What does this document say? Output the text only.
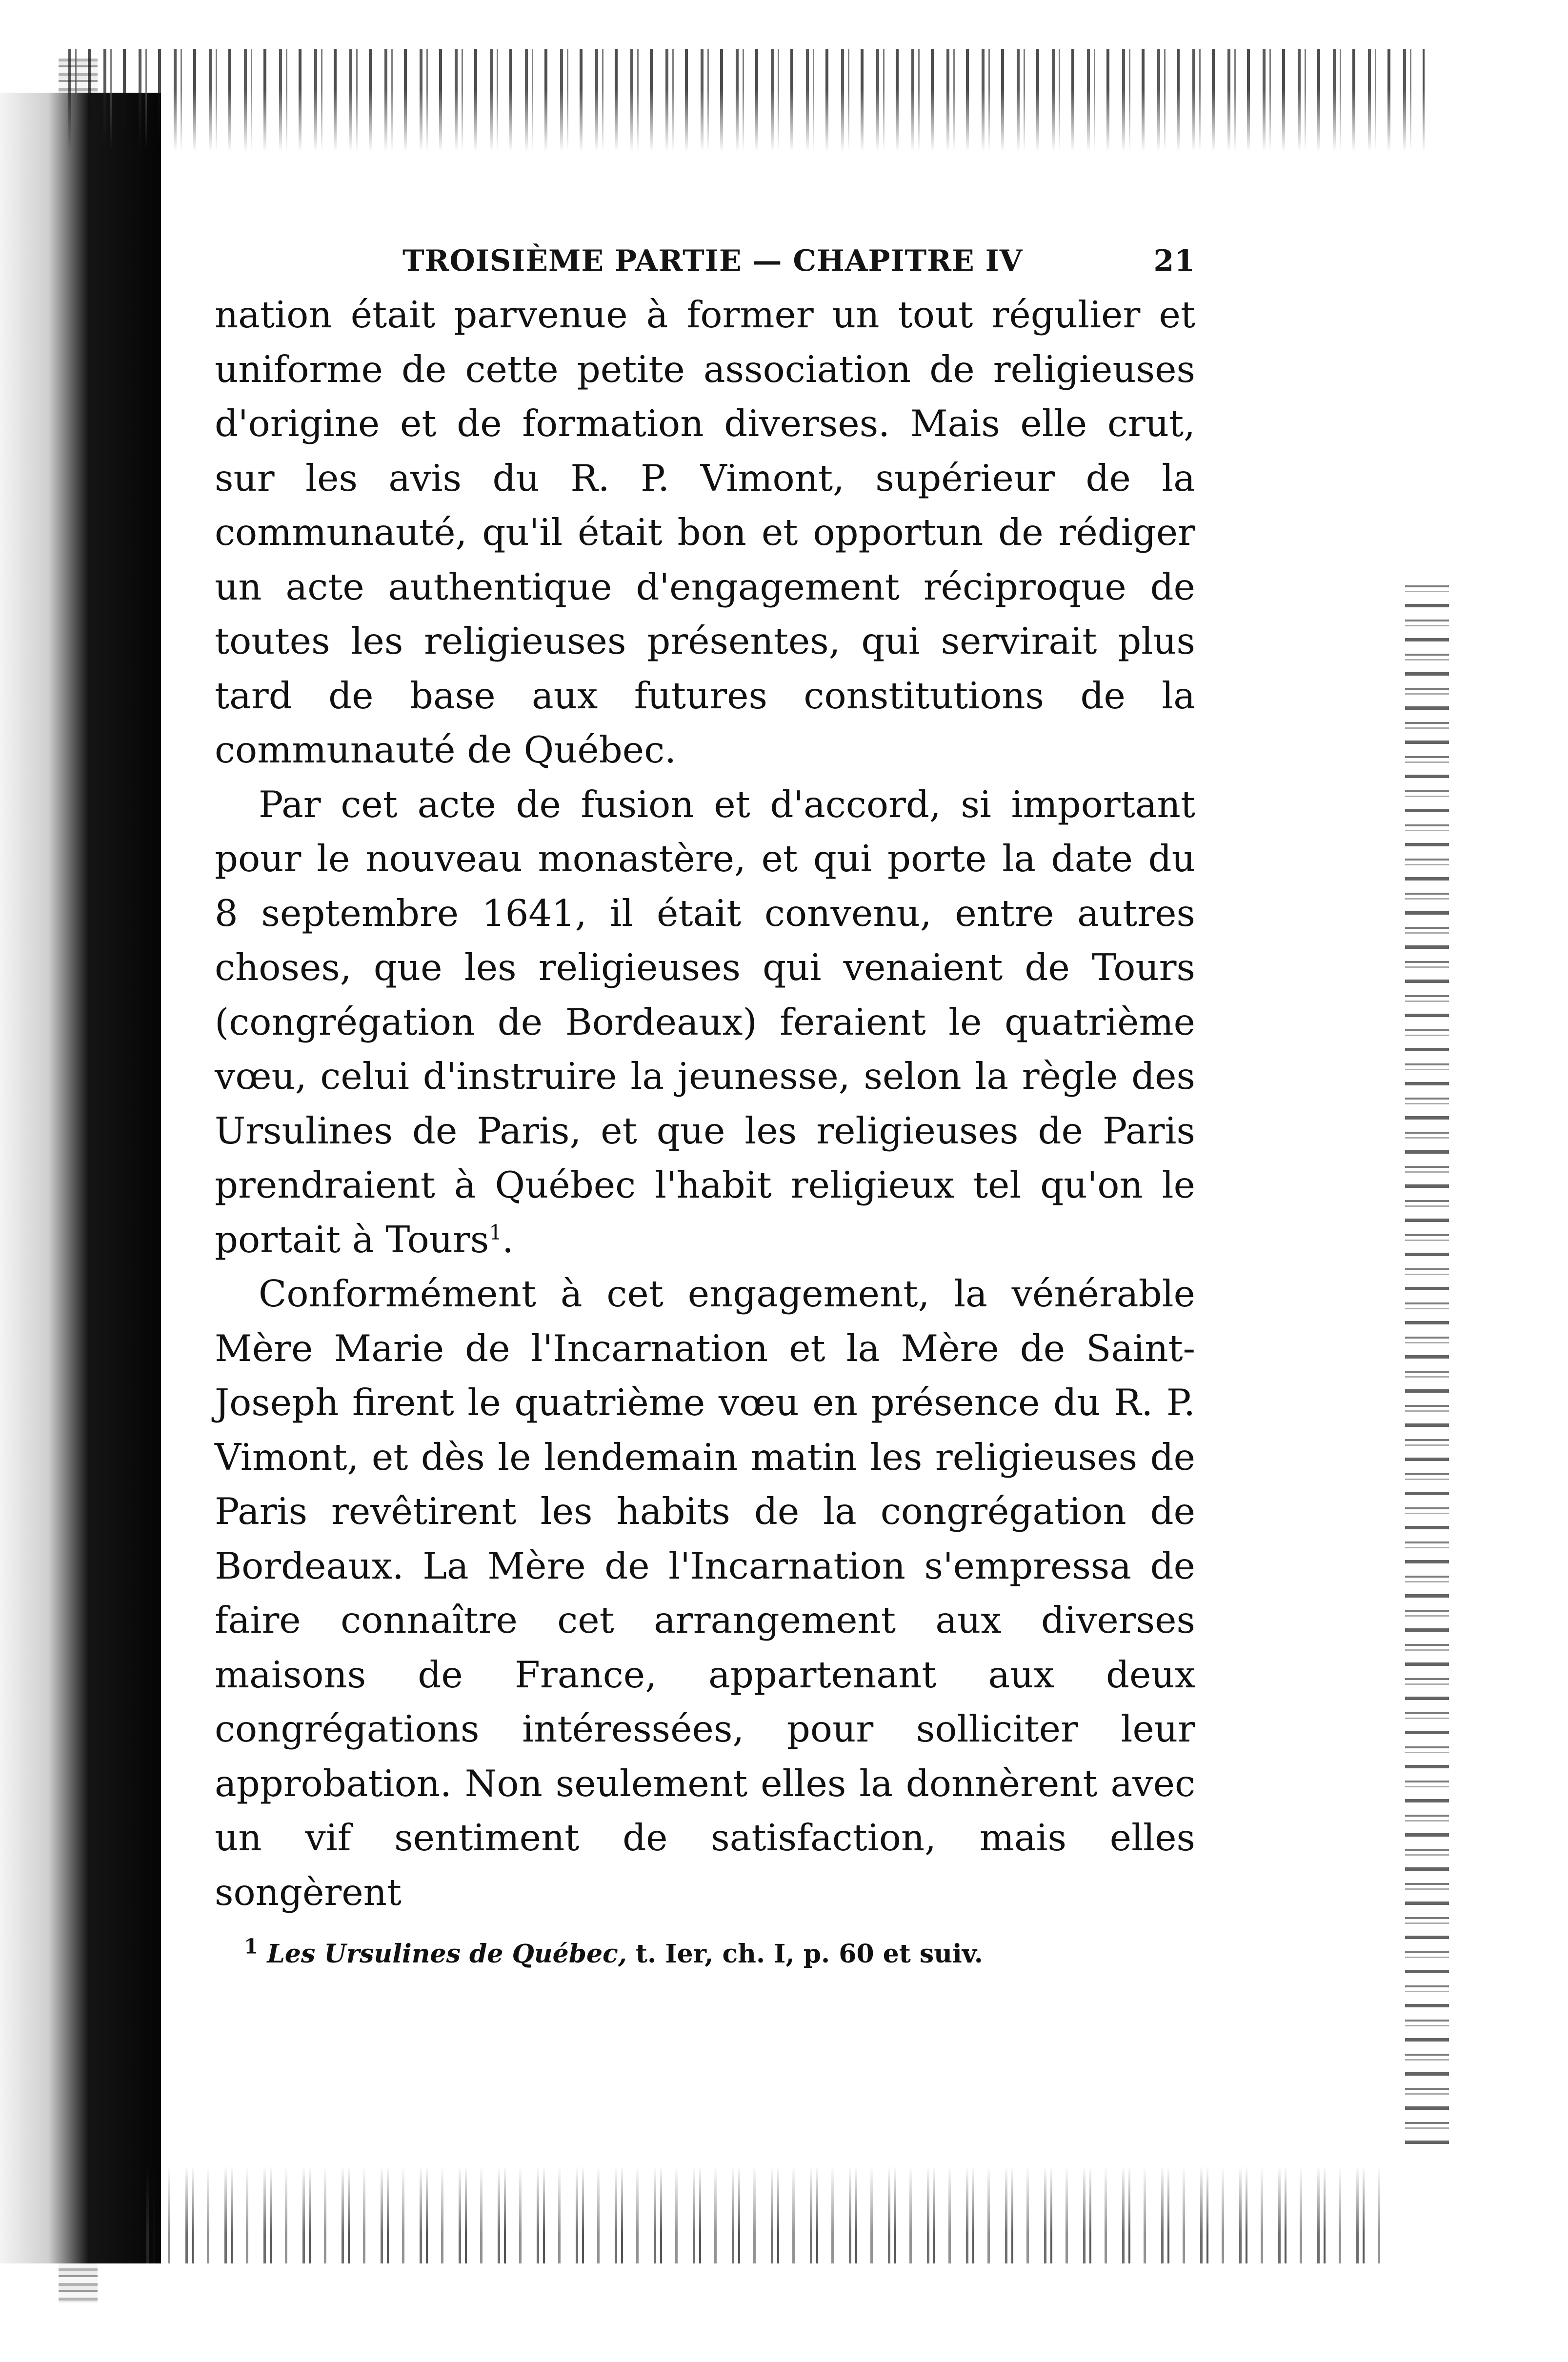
TROISIÈME PARTIE — CHAPITRE IV	21

nation était parvenue à former un tout régulier et uniforme de cette petite association de religieuses d'origine et de formation diverses. Mais elle crut, sur les avis du R. P. Vimont, supérieur de la communauté, qu'il était bon et opportun de rédiger un acte authentique d'engagement réciproque de toutes les religieuses présentes, qui servirait plus tard de base aux futures constitutions de la communauté de Québec.

Par cet acte de fusion et d'accord, si important pour le nouveau monastère, et qui porte la date du 8 septembre 1641, il était convenu, entre autres choses, que les religieuses qui venaient de Tours (congrégation de Bordeaux) feraient le quatrième vœu, celui d'instruire la jeunesse, selon la règle des Ursulines de Paris, et que les religieuses de Paris prendraient à Québec l'habit religieux tel qu'on le portait à Tours$^1$.

Conformément à cet engagement, la vénérable Mère Marie de l'Incarnation et la Mère de Saint-Joseph firent le quatrième vœu en présence du R. P. Vimont, et dès le lendemain matin les religieuses de Paris revêtirent les habits de la congrégation de Bordeaux. La Mère de l'Incarnation s'empressa de faire connaître cet arrangement aux diverses maisons de France, appartenant aux deux congrégations intéressées, pour solliciter leur approbation. Non seulement elles la donnèrent avec un vif sentiment de satisfaction, mais elles songèrent

$^1$ Les Ursulines de Québec, t. Ier, ch. I, p. 60 et suiv.
